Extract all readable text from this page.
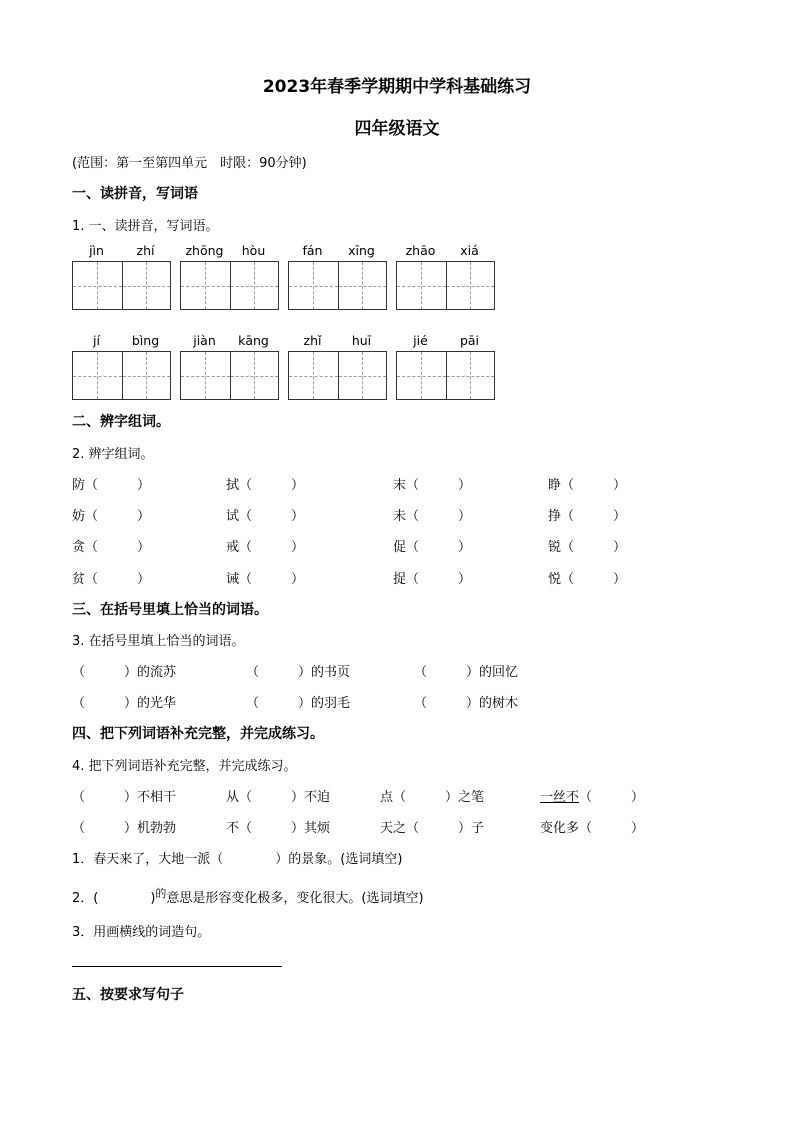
2023年春季学期期中学科基础练习
四年级语文
(范围：第一至第四单元　时限：90分钟)
一、读拼音，写词语
1. 一、读拼音，写词语。
jìn	zhí	zhōng	hòu	fán	xīng	zhāo	xiá
jí	bìng	jiàn	kāng	zhǐ	huī	jié	pāi
二、辨字组词。
2. 辨字组词。
防（　　　）	拭（　　　）	末（　　　）	睁（　　　）
妨（　　　）	试（　　　）	未（　　　）	挣（　　　）
贪（　　　）	戒（　　　）	促（　　　）	锐（　　　）
贫（　　　）	诫（　　　）	捉（　　　）	悦（　　　）
三、在括号里填上恰当的词语。
3. 在括号里填上恰当的词语。
（　　　）的流苏	（　　　）的书页	（　　　）的回忆
（　　　）的光华	（　　　）的羽毛	（　　　）的树木
四、把下列词语补充完整，并完成练习。
4. 把下列词语补充完整，并完成练习。
（　　　）不相干	从（　　　）不迫	点（　　　）之笔	一丝不（　　　）
（　　　）机勃勃	不（　　　）其烦	天之（　　　）子	变化多（　　　）
1．春天来了，大地一派（　　　　）的景象。(选词填空)
2．(　　　　)$^的$意思是形容变化极多，变化很大。(选词填空)
3．用画横线的词造句。
五、按要求写句子
